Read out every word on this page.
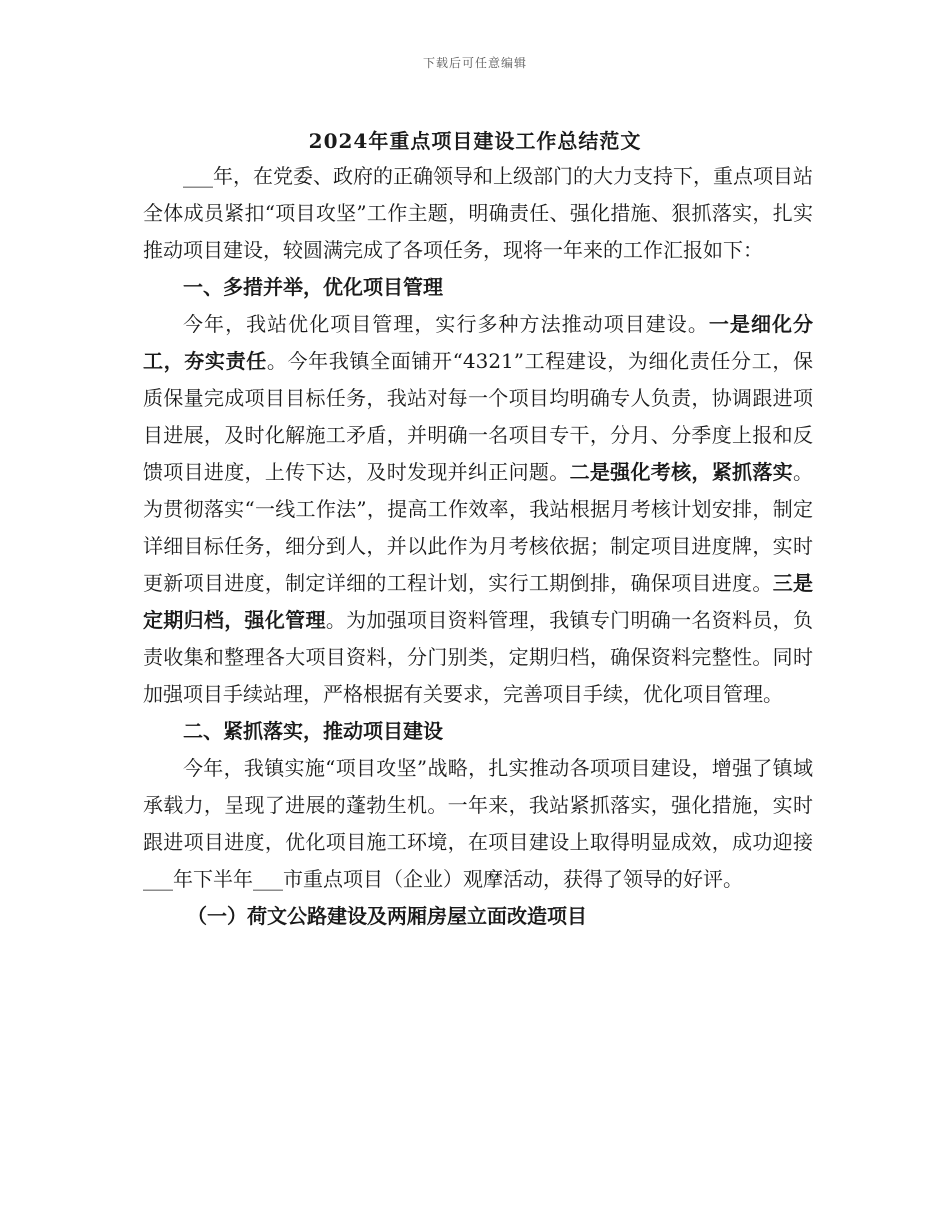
下载后可任意编辑
2024年重点项目建设工作总结范文

___年，在党委、政府的正确领导和上级部门的大力支持下，重点项目站全体成员紧扣“项目攻坚”工作主题，明确责任、强化措施、狠抓落实，扎实推动项目建设，较圆满完成了各项任务，现将一年来的工作汇报如下：

一、多措并举，优化项目管理

今年，我站优化项目管理，实行多种方法推动项目建设。一是细化分工，夯实责任。今年我镇全面铺开“4321”工程建设，为细化责任分工，保质保量完成项目目标任务，我站对每一个项目均明确专人负责，协调跟进项目进展，及时化解施工矛盾，并明确一名项目专干，分月、分季度上报和反馈项目进度，上传下达，及时发现并纠正问题。二是强化考核，紧抓落实。为贯彻落实“一线工作法”，提高工作效率，我站根据月考核计划安排，制定详细目标任务，细分到人，并以此作为月考核依据；制定项目进度牌，实时更新项目进度，制定详细的工程计划，实行工期倒排，确保项目进度。三是定期归档，强化管理。为加强项目资料管理，我镇专门明确一名资料员，负责收集和整理各大项目资料，分门别类，定期归档，确保资料完整性。同时加强项目手续站理，严格根据有关要求，完善项目手续，优化项目管理。

二、紧抓落实，推动项目建设

今年，我镇实施“项目攻坚”战略，扎实推动各项项目建设，增强了镇域承载力，呈现了进展的蓬勃生机。一年来，我站紧抓落实，强化措施，实时跟进项目进度，优化项目施工环境，在项目建设上取得明显成效，成功迎接___年下半年___市重点项目（企业）观摩活动，获得了领导的好评。

（一）荷文公路建设及两厢房屋立面改造项目
